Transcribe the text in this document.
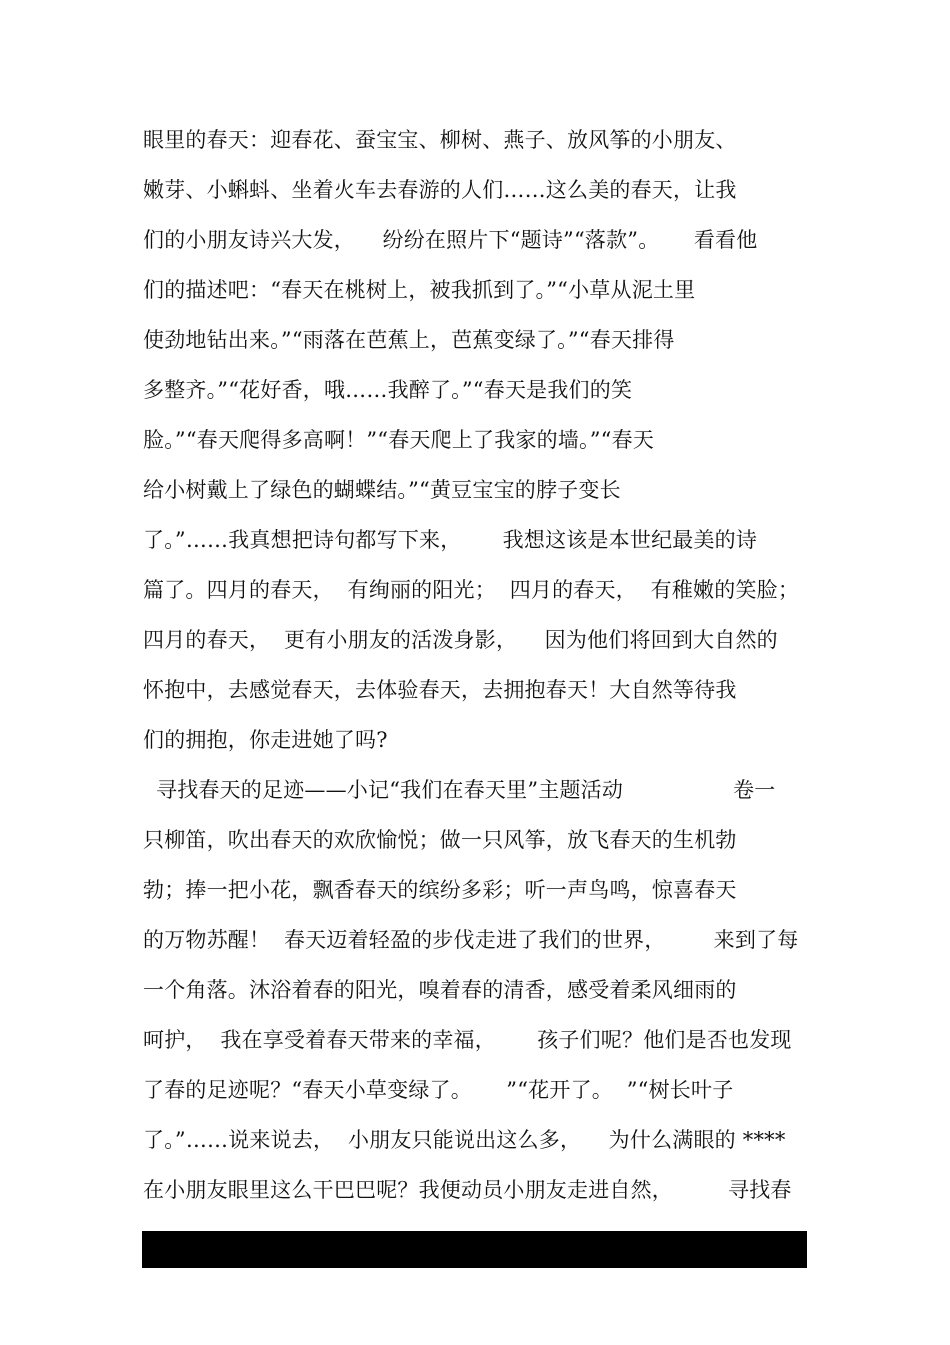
眼里的春天：迎春花、蚕宝宝、柳树、燕子、放风筝的小朋友、
嫩芽、小蝌蚪、坐着火车去春游的人们……这么美的春天，让我
们的小朋友诗兴大发，    纷纷在照片下“题诗”“落款”。     看看他
们的描述吧：“春天在桃树上，被我抓到了。”“小草从泥土里
使劲地钻出来。”“雨落在芭蕉上，芭蕉变绿了。”“春天排得
多整齐。”“花好香，哦……我醉了。”“春天是我们的笑
脸。”“春天爬得多高啊！”“春天爬上了我家的墙。”“春天
给小树戴上了绿色的蝴蝶结。”“黄豆宝宝的脖子变长
了。”……我真想把诗句都写下来，      我想这该是本世纪最美的诗
篇了。四月的春天，  有绚丽的阳光；  四月的春天，  有稚嫩的笑脸；
四月的春天，  更有小朋友的活泼身影，    因为他们将回到大自然的
怀抱中，去感觉春天，去体验春天，去拥抱春天！大自然等待我
们的拥抱，你走进她了吗?
寻找春天的足迹——小记“我们在春天里”主题活动                卷一
只柳笛，吹出春天的欢欣愉悦；做一只风筝，放飞春天的生机勃
勃；捧一把小花，飘香春天的缤纷多彩；听一声鸟鸣，惊喜春天
的万物苏醒！  春天迈着轻盈的步伐走进了我们的世界，       来到了每
一个角落。沐浴着春的阳光，嗅着春的清香，感受着柔风细雨的
呵护，  我在享受着春天带来的幸福，      孩子们呢？他们是否也发现
了春的足迹呢？“春天小草变绿了。     ”“花开了。  ”“树长叶子
了。”……说来说去，  小朋友只能说出这么多，    为什么满眼的 ****
在小朋友眼里这么干巴巴呢？我便动员小朋友走进自然，        寻找春
